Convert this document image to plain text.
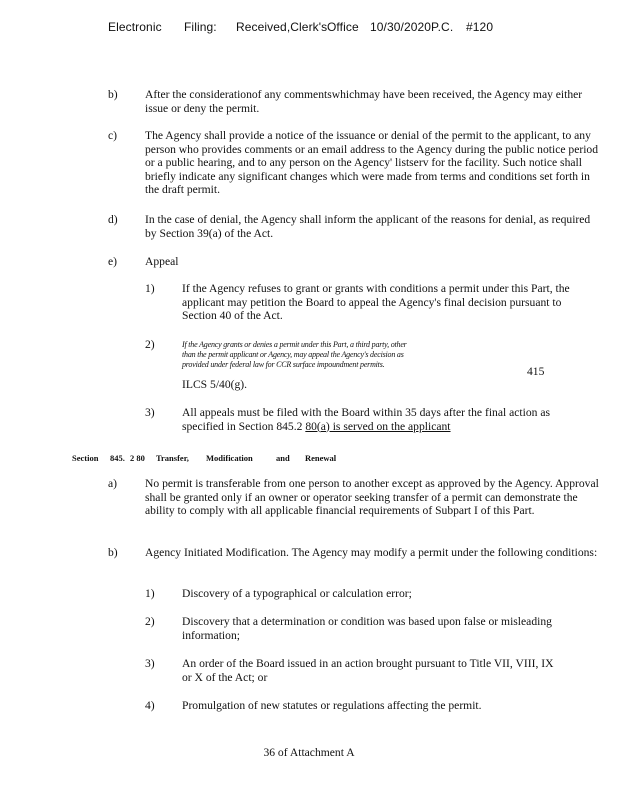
Electronic Filing: Received,Clerk's Office 10/30/2020P.C. #120
b) After the considerationof any commentswhichmay have been received, the Agency may either issue or deny the permit.
c) The Agency shall provide a notice of the issuance or denial of the permit to the applicant, to any person who provides comments or an email address to the Agency during the public notice period or a public hearing, and to any person on the Agency' listserv for the facility. Such notice shall briefly indicate any significant changes which were made from terms and conditions set forth in the draft permit.
d) In the case of denial, the Agency shall inform the applicant of the reasons for denial, as required by Section 39(a) of the Act.
e) Appeal
1) If the Agency refuses to grant or grants with conditions a permit under this Part, the applicant may petition the Board to appeal the Agency's final decision pursuant to Section 40 of the Act.
2)	If the Agency grants or denies a permit under this Part, a third party, other
than the permit applicant or Agency, may appeal the Agency's decision as
provided under federal law for CCR surface impoundment permits.
415
ILCS 5/40(g).
3) All appeals must be filed with the Board within 35 days after the final action as specified in Section 845.2 80(a) is served on the applicant
Section 845. 2 80 Transfer, Modification	and Renewal
a) No permit is transferable from one person to another except as approved by the Agency. Approval shall be granted only if an owner or operator seeking transfer of a permit can demonstrate the ability to comply with all applicable financial requirements of Subpart I of this Part.
b) Agency Initiated Modification. The Agency may modify a permit under the following conditions:
1) Discovery of a typographical or calculation error;
2) Discovery that a determination or condition was based upon false or misleading information;
3) An order of the Board issued in an action brought pursuant to Title VII, VIII, IX or X of the Act; or
4) Promulgation of new statutes or regulations affecting the permit.
36 of Attachment A
